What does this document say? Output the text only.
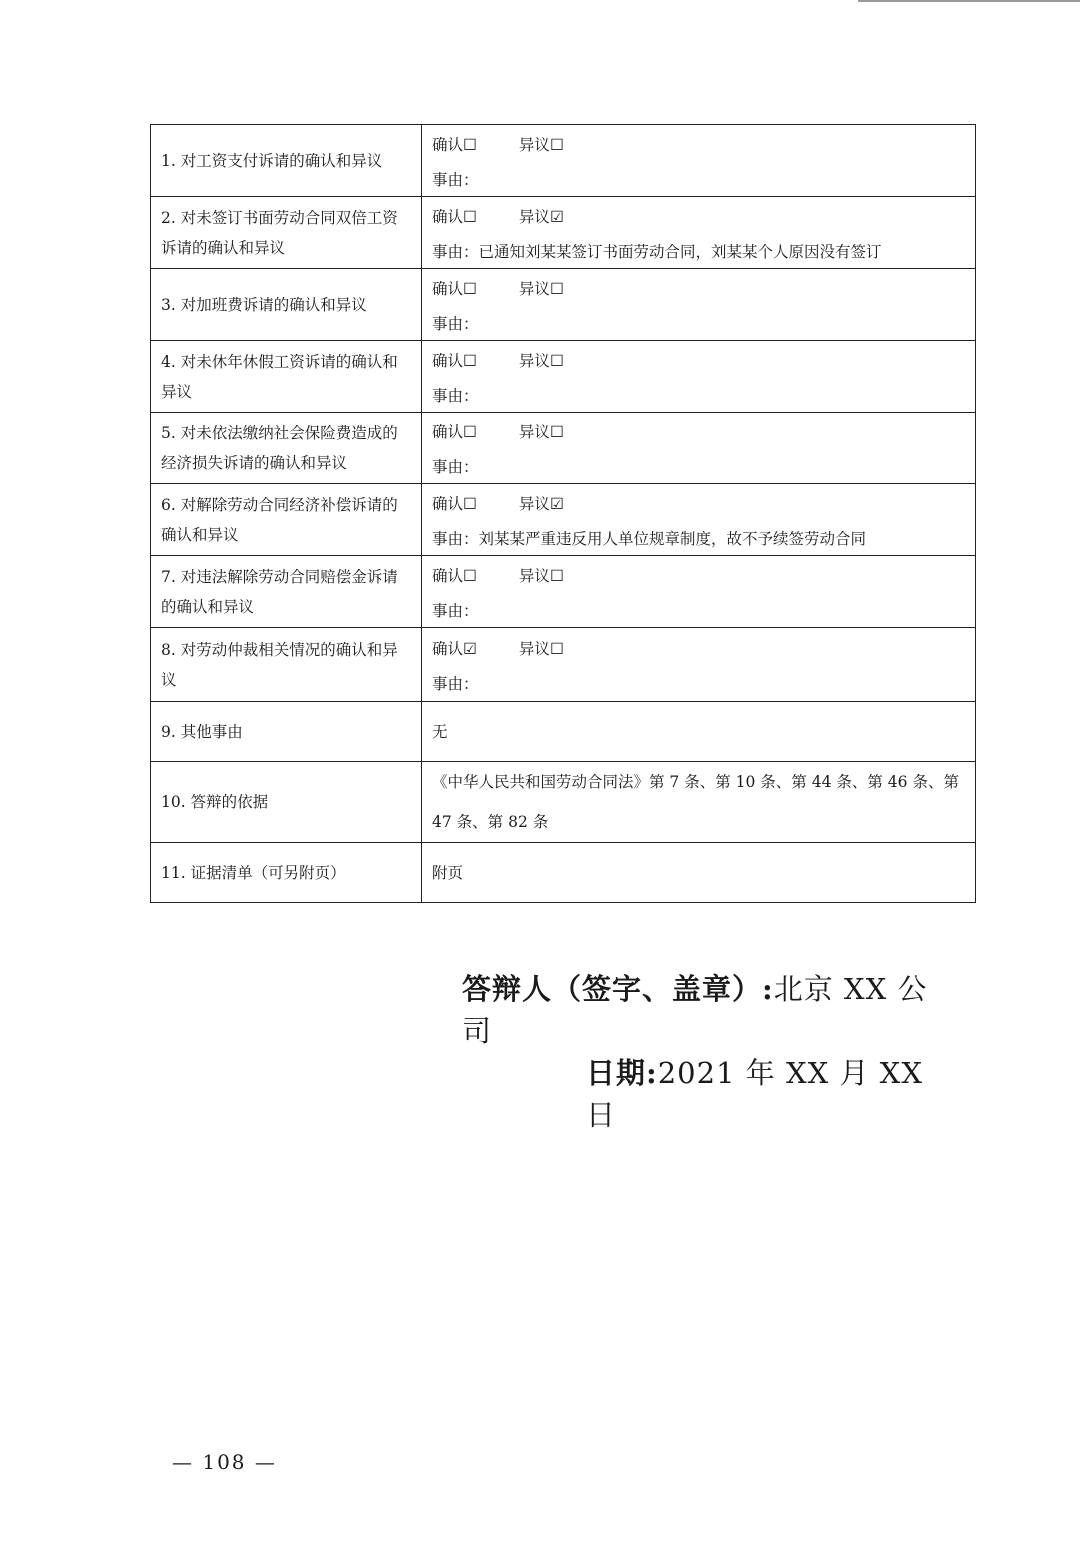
1. 对工资支付诉请的确认和异议	确认☐ 异议☐
事由：

2. 对未签订书面劳动合同双倍工资诉请的确认和异议	确认☐ 异议☑
事由： 已通知刘某某签订书面劳动合同，刘某某个人原因没有签订

3. 对加班费诉请的确认和异议	确认☐ 异议☐
事由：

4. 对未休年休假工资诉请的确认和异议	确认☐ 异议☐
事由：

5. 对未依法缴纳社会保险费造成的经济损失诉请的确认和异议	确认☐ 异议☐
事由：

6. 对解除劳动合同经济补偿诉请的确认和异议	确认☐ 异议☑
事由： 刘某某严重违反用人单位规章制度，故不予续签劳动合同

7. 对违法解除劳动合同赔偿金诉请的确认和异议	确认☐ 异议☐
事由：

8. 对劳动仲裁相关情况的确认和异议	确认☑ 异议☐
事由：

9. 其他事由	无
10. 答辩的依据	《中华人民共和国劳动合同法》第 7 条、第 10 条、第 44 条、第 46 条、第 47 条、第 82 条
11. 证据清单（可另附页）	附页
答辩人（签字、盖章）:北京 XX 公司
日期:2021 年 XX 月 XX 日
— 108 —
